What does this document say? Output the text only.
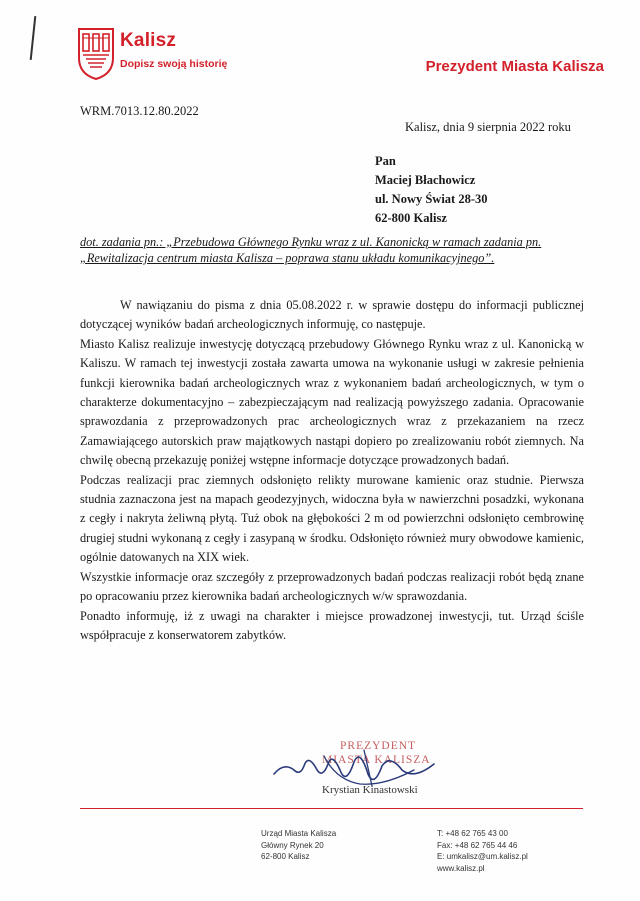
Kalisz
Dopisz swoją historię	Prezydent Miasta Kalisza
WRM.7013.12.80.2022
Kalisz, dnia 9 sierpnia 2022 roku
Pan
Maciej Błachowicz
ul. Nowy Świat 28-30
62-800 Kalisz
dot. zadania pn.: „Przebudowa Głównego Rynku wraz z ul. Kanonicką w ramach zadania pn.
„Rewitalizacja centrum miasta Kalisza – poprawa stanu układu komunikacyjnego”.

W nawiązaniu do pisma z dnia 05.08.2022 r. w sprawie dostępu do informacji publicznej dotyczącej wyników badań archeologicznych informuję, co następuje.

Miasto Kalisz realizuje inwestycję dotyczącą przebudowy Głównego Rynku wraz z ul. Kanonicką w Kaliszu. W ramach tej inwestycji została zawarta umowa na wykonanie usługi w zakresie pełnienia funkcji kierownika badań archeologicznych wraz z wykonaniem badań archeologicznych, w tym o charakterze dokumentacyjno – zabezpieczającym nad realizacją powyższego zadania. Opracowanie sprawozdania z przeprowadzonych prac archeologicznych wraz z przekazaniem na rzecz Zamawiającego autorskich praw majątkowych nastąpi dopiero po zrealizowaniu robót ziemnych. Na chwilę obecną przekazuję poniżej wstępne informacje dotyczące prowadzonych badań.

Podczas realizacji prac ziemnych odsłonięto relikty murowane kamienic oraz studnie. Pierwsza studnia zaznaczona jest na mapach geodezyjnych, widoczna była w nawierzchni posadzki, wykonana z cegły i nakryta żeliwną płytą. Tuż obok na głębokości 2 m od powierzchni odsłonięto cembrowinę drugiej studni wykonaną z cegły i zasypaną w środku. Odsłonięto również mury obwodowe kamienic, ogólnie datowanych na XIX wiek.

Wszystkie informacje oraz szczegóły z przeprowadzonych badań podczas realizacji robót będą znane po opracowaniu przez kierownika badań archeologicznych w/w sprawozdania.

Ponadto informuję, iż z uwagi na charakter i miejsce prowadzonej inwestycji, tut. Urząd ściśle współpracuje z konserwatorem zabytków.

PREZYDENT
MIASTA KALISZA
Krystian Kinastowski
Urząd Miasta Kalisza
Główny Rynek 20
62-800 Kalisz
T: +48 62 765 43 00
Fax: +48 62 765 44 46
E: umkalisz@um.kalisz.pl
www.kalisz.pl
